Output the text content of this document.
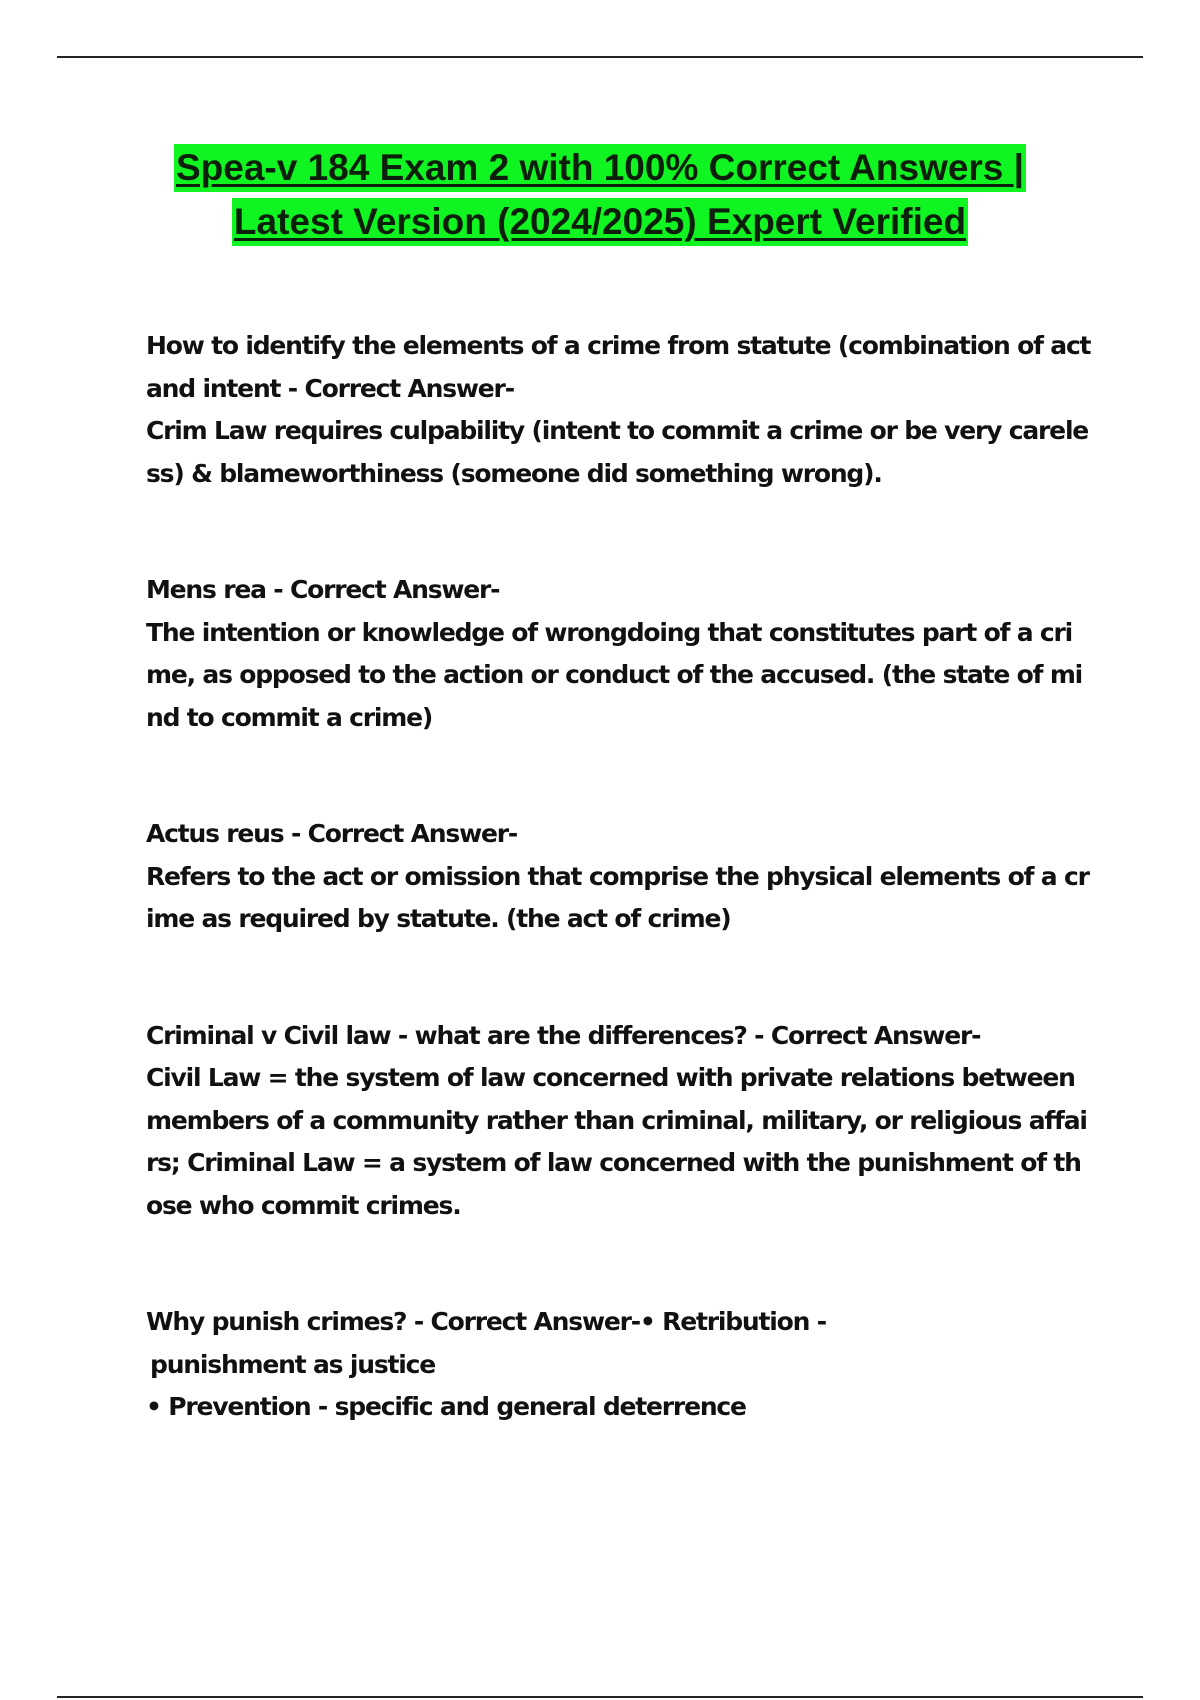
Spea-v 184 Exam 2 with 100% Correct Answers |
Latest Version (2024/2025) Expert Verified

How to identify the elements of a crime from statute (combination of act and intent - Correct Answer-

Crim Law requires culpability (intent to commit a crime or be very careless) & blameworthiness (someone did something wrong).

Mens rea - Correct Answer-

The intention or knowledge of wrongdoing that constitutes part of a crime, as opposed to the action or conduct of the accused. (the state of mind to commit a crime)

Actus reus - Correct Answer-

Refers to the act or omission that comprise the physical elements of a crime as required by statute. (the act of crime)

Criminal v Civil law - what are the differences? - Correct Answer-

Civil Law = the system of law concerned with private relations between members of a community rather than criminal, military, or religious affairs; Criminal Law = a system of law concerned with the punishment of those who commit crimes.

Why punish crimes? - Correct Answer-• Retribution -

punishment as justice

• Prevention - specific and general deterrence
